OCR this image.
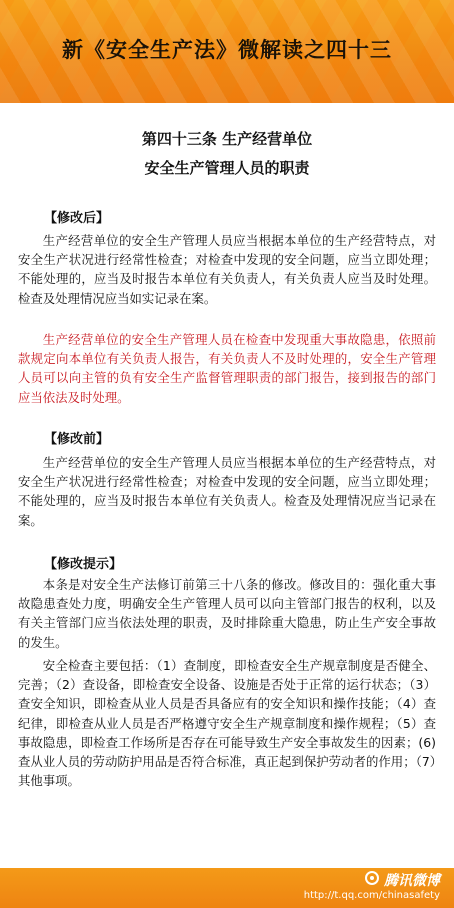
新《安全生产法》微解读之四十三
第四十三条 生产经营单位
安全生产管理人员的职责
【修改后】

生产经营单位的安全生产管理人员应当根据本单位的生产经营特点，对安全生产状况进行经常性检查；对检查中发现的安全问题，应当立即处理；不能处理的，应当及时报告本单位有关负责人，有关负责人应当及时处理。检查及处理情况应当如实记录在案。

生产经营单位的安全生产管理人员在检查中发现重大事故隐患，依照前款规定向本单位有关负责人报告，有关负责人不及时处理的，安全生产管理人员可以向主管的负有安全生产监督管理职责的部门报告，接到报告的部门应当依法及时处理。

【修改前】

生产经营单位的安全生产管理人员应当根据本单位的生产经营特点，对安全生产状况进行经常性检查；对检查中发现的安全问题，应当立即处理；不能处理的，应当及时报告本单位有关负责人。检查及处理情况应当记录在案。

【修改提示】

本条是对安全生产法修订前第三十八条的修改。修改目的：强化重大事故隐患查处力度，明确安全生产管理人员可以向主管部门报告的权利，以及有关主管部门应当依法处理的职责，及时排除重大隐患，防止生产安全事故的发生。

安全检查主要包括：（1）查制度，即检查安全生产规章制度是否健全、完善；（2）查设备，即检查安全设备、设施是否处于正常的运行状态；（3）查安全知识，即检查从业人员是否具备应有的安全知识和操作技能；（4）查纪律，即检查从业人员是否严格遵守安全生产规章制度和操作规程；（5）查事故隐患，即检查工作场所是否存在可能导致生产安全事故发生的因素；(6)查从业人员的劳动防护用品是否符合标准，真正起到保护劳动者的作用；（7）其他事项。

腾讯微博
http://t.qq.com/chinasafety
